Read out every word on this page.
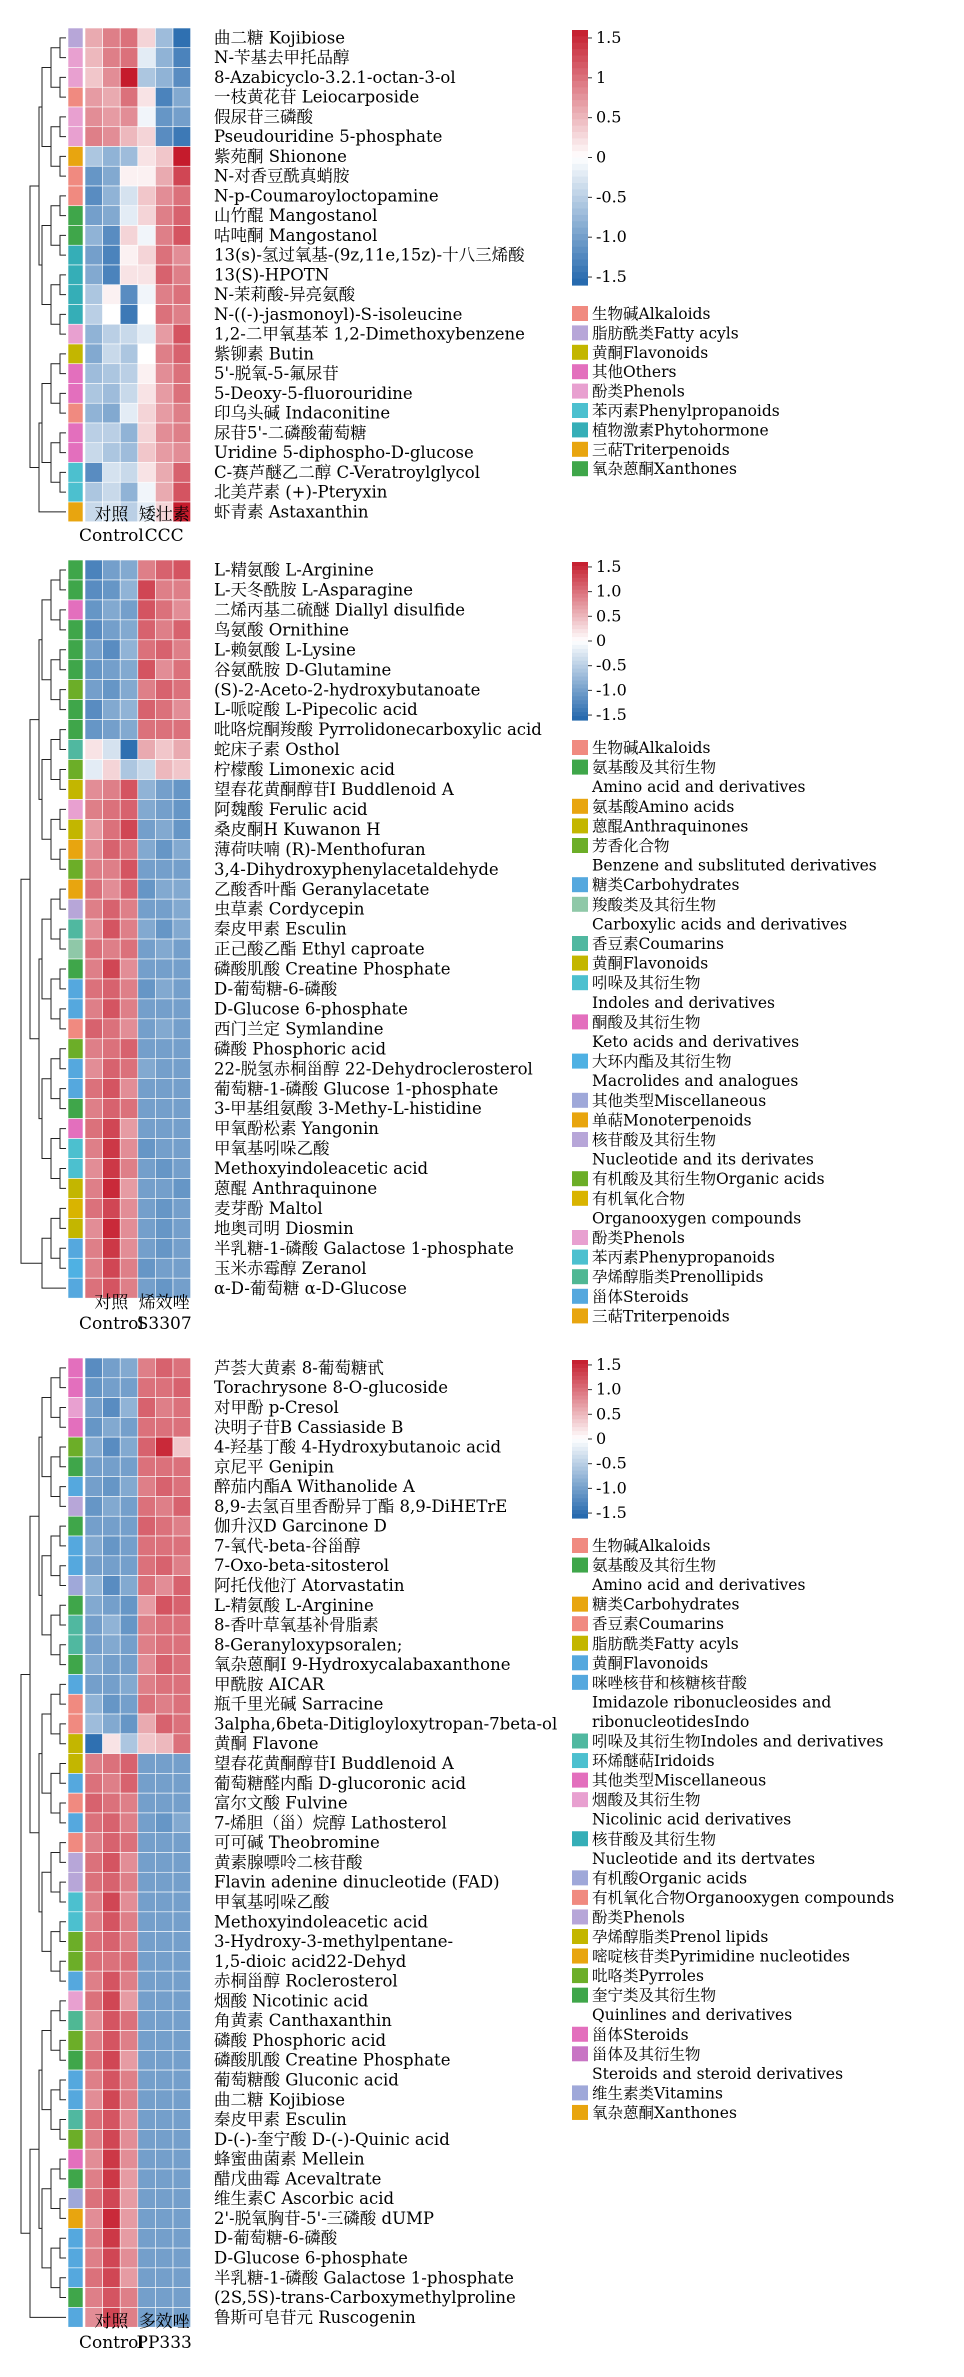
曲二糖 Kojibiose
N-苄基去甲托品醇
8-Azabicyclo-3.2.1-octan-3-ol
一枝黄花苷 Leiocarposide
假尿苷三磷酸
Pseudouridine 5-phosphate
紫苑酮 Shionone
N-对香豆酰真蛸胺
N-p-Coumaroyloctopamine
山竹醌 Mangostanol
咕吨酮 Mangostanol
13(s)-氢过氧基-(9z,11e,15z)-十八三烯酸
13(S)-HPOTN
N-茉莉酸-异亮氨酸
N-((-)-jasmonoyl)-S-isoleucine
1,2-二甲氧基苯 1,2-Dimethoxybenzene
紫铆素 Butin
5'-脱氧-5-氟尿苷
5-Deoxy-5-fluorouridine
印乌头碱 Indaconitine
尿苷5'-二磷酸葡萄糖
Uridine 5-diphospho-D-glucose
C-赛芦醚乙二醇 C-Veratroylglycol
北美芹素 (+)-Pteryxin
虾青素 Astaxanthin
对照 矮壮素
Control CCC
1.5
1
0.5
0
-0.5
-1.0
-1.5
生物碱Alkaloids
脂肪酰类Fatty acyls
黄酮Flavonoids
其他Others
酚类Phenols
苯丙素Phenylpropanoids
植物激素Phytohormone
三萜Triterpenoids
氧杂蒽酮Xanthones
L-精氨酸 L-Arginine
L-天冬酰胺 L-Asparagine
二烯丙基二硫醚 Diallyl disulfide
鸟氨酸 Ornithine
L-赖氨酸 L-Lysine
谷氨酰胺 D-Glutamine
(S)-2-Aceto-2-hydroxybutanoate
L-哌啶酸 L-Pipecolic acid
吡咯烷酮羧酸 Pyrrolidonecarboxylic acid
蛇床子素 Osthol
柠檬酸 Limonexic acid
望春花黄酮醇苷I Buddlenoid A
阿魏酸 Ferulic acid
桑皮酮H Kuwanon H
薄荷呋喃 (R)-Menthofuran
3,4-Dihydroxyphenylacetaldehyde
乙酸香叶酯 Geranylacetate
虫草素 Cordycepin
秦皮甲素 Esculin
正己酸乙酯 Ethyl caproate
磷酸肌酸 Creatine Phosphate
D-葡萄糖-6-磷酸
D-Glucose 6-phosphate
西门兰定 Symlandine
磷酸 Phosphoric acid
22-脱氢赤桐甾醇 22-Dehydroclerosterol
葡萄糖-1-磷酸 Glucose 1-phosphate
3-甲基组氨酸 3-Methy-L-histidine
甲氧酚松素 Yangonin
甲氧基吲哚乙酸
Methoxyindoleacetic acid
蒽醌 Anthraquinone
麦芽酚 Maltol
地奥司明 Diosmin
半乳糖-1-磷酸 Galactose 1-phosphate
玉米赤霉醇 Zeranol
α-D-葡萄糖 α-D-Glucose
对照 烯效唑
Control
S3307
1.5
1.0
0.5
0
-0.5
-1.0
-1.5
生物碱Alkaloids
氨基酸及其衍生物
Amino acid and derivatives
氨基酸Amino acids
蒽醌Anthraquinones
芳香化合物
Benzene and subslituted derivatives
糖类Carbohydrates
羧酸类及其衍生物
Carboxylic acids and derivatives
香豆素Coumarins
黄酮Flavonoids
吲哚及其衍生物
Indoles and derivatives
酮酸及其衍生物
Keto acids and derivatives
大环内酯及其衍生物
Macrolides and analogues
其他类型Miscellaneous
单萜Monoterpenoids
核苷酸及其衍生物
Nucleotide and its derivates
有机酸及其衍生物Organic acids
有机氧化合物
Organooxygen compounds
酚类Phenols
苯丙素Phenypropanoids
孕烯醇脂类Prenollipids
甾体Steroids
三萜Triterpenoids
芦荟大黄素 8-葡萄糖甙
Torachrysone 8-O-glucoside
对甲酚 p-Cresol
决明子苷B Cassiaside B
4-羟基丁酸 4-Hydroxybutanoic acid
京尼平 Genipin
醉茄内酯A Withanolide A
8,9-去氢百里香酚异丁酯 8,9-DiHETrE
伽升汉D Garcinone D
7-氧代-beta-谷甾醇
7-Oxo-beta-sitosterol
阿托伐他汀 Atorvastatin
L-精氨酸 L-Arginine
8-香叶草氧基补骨脂素
8-Geranyloxypsoralen;
氧杂蒽酮I 9-Hydroxycalabaxanthone
甲酰胺 AICAR
瓶千里光碱 Sarracine
3alpha,6beta-Ditigloyloxytropan-7beta-ol
黄酮 Flavone
望春花黄酮醇苷I Buddlenoid A
葡萄糖醛内酯 D-glucoronic acid
富尔文酸 Fulvine
7-烯胆（甾）烷醇 Lathosterol
可可碱 Theobromine
黄素腺嘌呤二核苷酸
Flavin adenine dinucleotide (FAD)
甲氧基吲哚乙酸
Methoxyindoleacetic acid
3-Hydroxy-3-methylpentane-
1,5-dioic acid22-Dehyd
赤桐甾醇 Roclerosterol
烟酸 Nicotinic acid
角黄素 Canthaxanthin
磷酸 Phosphoric acid
磷酸肌酸 Creatine Phosphate
葡萄糖酸 Gluconic acid
曲二糖 Kojibiose
秦皮甲素 Esculin
D-(-)-奎宁酸 D-(-)-Quinic acid
蜂蜜曲菌素 Mellein
醋戊曲霉 Acevaltrate
维生素C Ascorbic acid
2'-脱氧胸苷-5'-三磷酸 dUMP
D-葡萄糖-6-磷酸
D-Glucose 6-phosphate
半乳糖-1-磷酸 Galactose 1-phosphate
(2S,5S)-trans-Carboxymethylproline
鲁斯可皂苷元 Ruscogenin
对照 多效唑
Control
PP333
1.5
1.0
0.5
0
-0.5
-1.0
-1.5
生物碱Alkaloids
氨基酸及其衍生物
Amino acid and derivatives
糖类Carbohydrates
香豆素Coumarins
脂肪酰类Fatty acyls
黄酮Flavonoids
咪唑核苷和核糖核苷酸
Imidazole ribonucleosides and
ribonucleotidesIndo
吲哚及其衍生物Indoles and derivatives
环烯醚萜Iridoids
其他类型Miscellaneous
烟酸及其衍生物
Nicolinic acid derivatives
核苷酸及其衍生物
Nucleotide and its dertvates
有机酸Organic acids
有机氧化合物Organooxygen compounds
酚类Phenols
孕烯醇脂类Prenol lipids
嘧啶核苷类Pyrimidine nucleotides
吡咯类Pyrroles
奎宁类及其衍生物
Quinlines and derivatives
甾体Steroids
甾体及其衍生物
Steroids and steroid derivatives
维生素类Vitamins
氧杂蒽酮Xanthones
